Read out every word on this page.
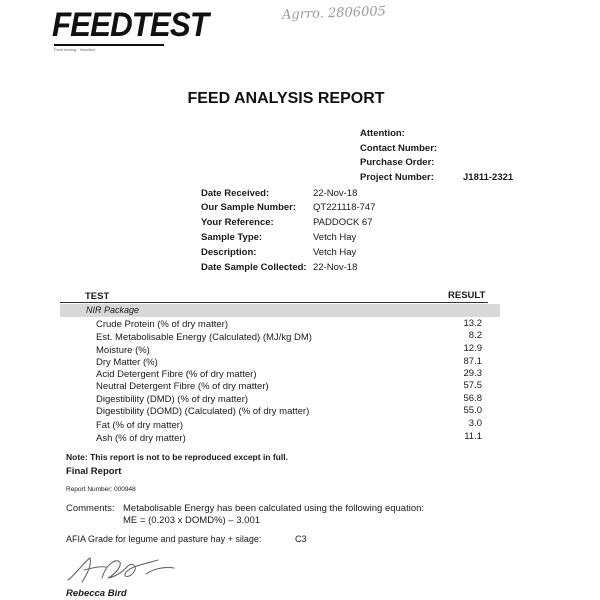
FEEDTEST
Feed testing · Hamilton
Agrro. 2806005
FEED ANALYSIS REPORT
Attention:
Contact Number:
Purchase Order:
Project Number:	J1811-2321
Date Received:	22-Nov-18
Our Sample Number: QT221118-747
Your Reference:	PADDOCK 67
Sample Type:	Vetch Hay
Description:	Vetch Hay
Date Sample Collected: 22-Nov-18
TEST	RESULT
NIR Package
Crude Protein (% of dry matter)	13.2
Est. Metabolisable Energy (Calculated) (MJ/kg DM)	8.2
Moisture (%)	12.9
Dry Matter (%)	87.1
Acid Detergent Fibre (% of dry matter)	29.3
Neutral Detergent Fibre (% of dry matter)	57.5
Digestibility (DMD) (% of dry matter)	56.8
Digestibility (DOMD) (Calculated) (% of dry matter)	55.0
Fat (% of dry matter)	3.0
Ash (% of dry matter)	11.1
Note: This report is not to be reproduced except in full.
Final Report
Report Number: 000948
Comments: Metabolisable Energy has been calculated using the following equation:
ME = (0.203 x DOMD%) – 3.001
AFIA Grade for legume and pasture hay + silage:	C3
Rebecca Bird
